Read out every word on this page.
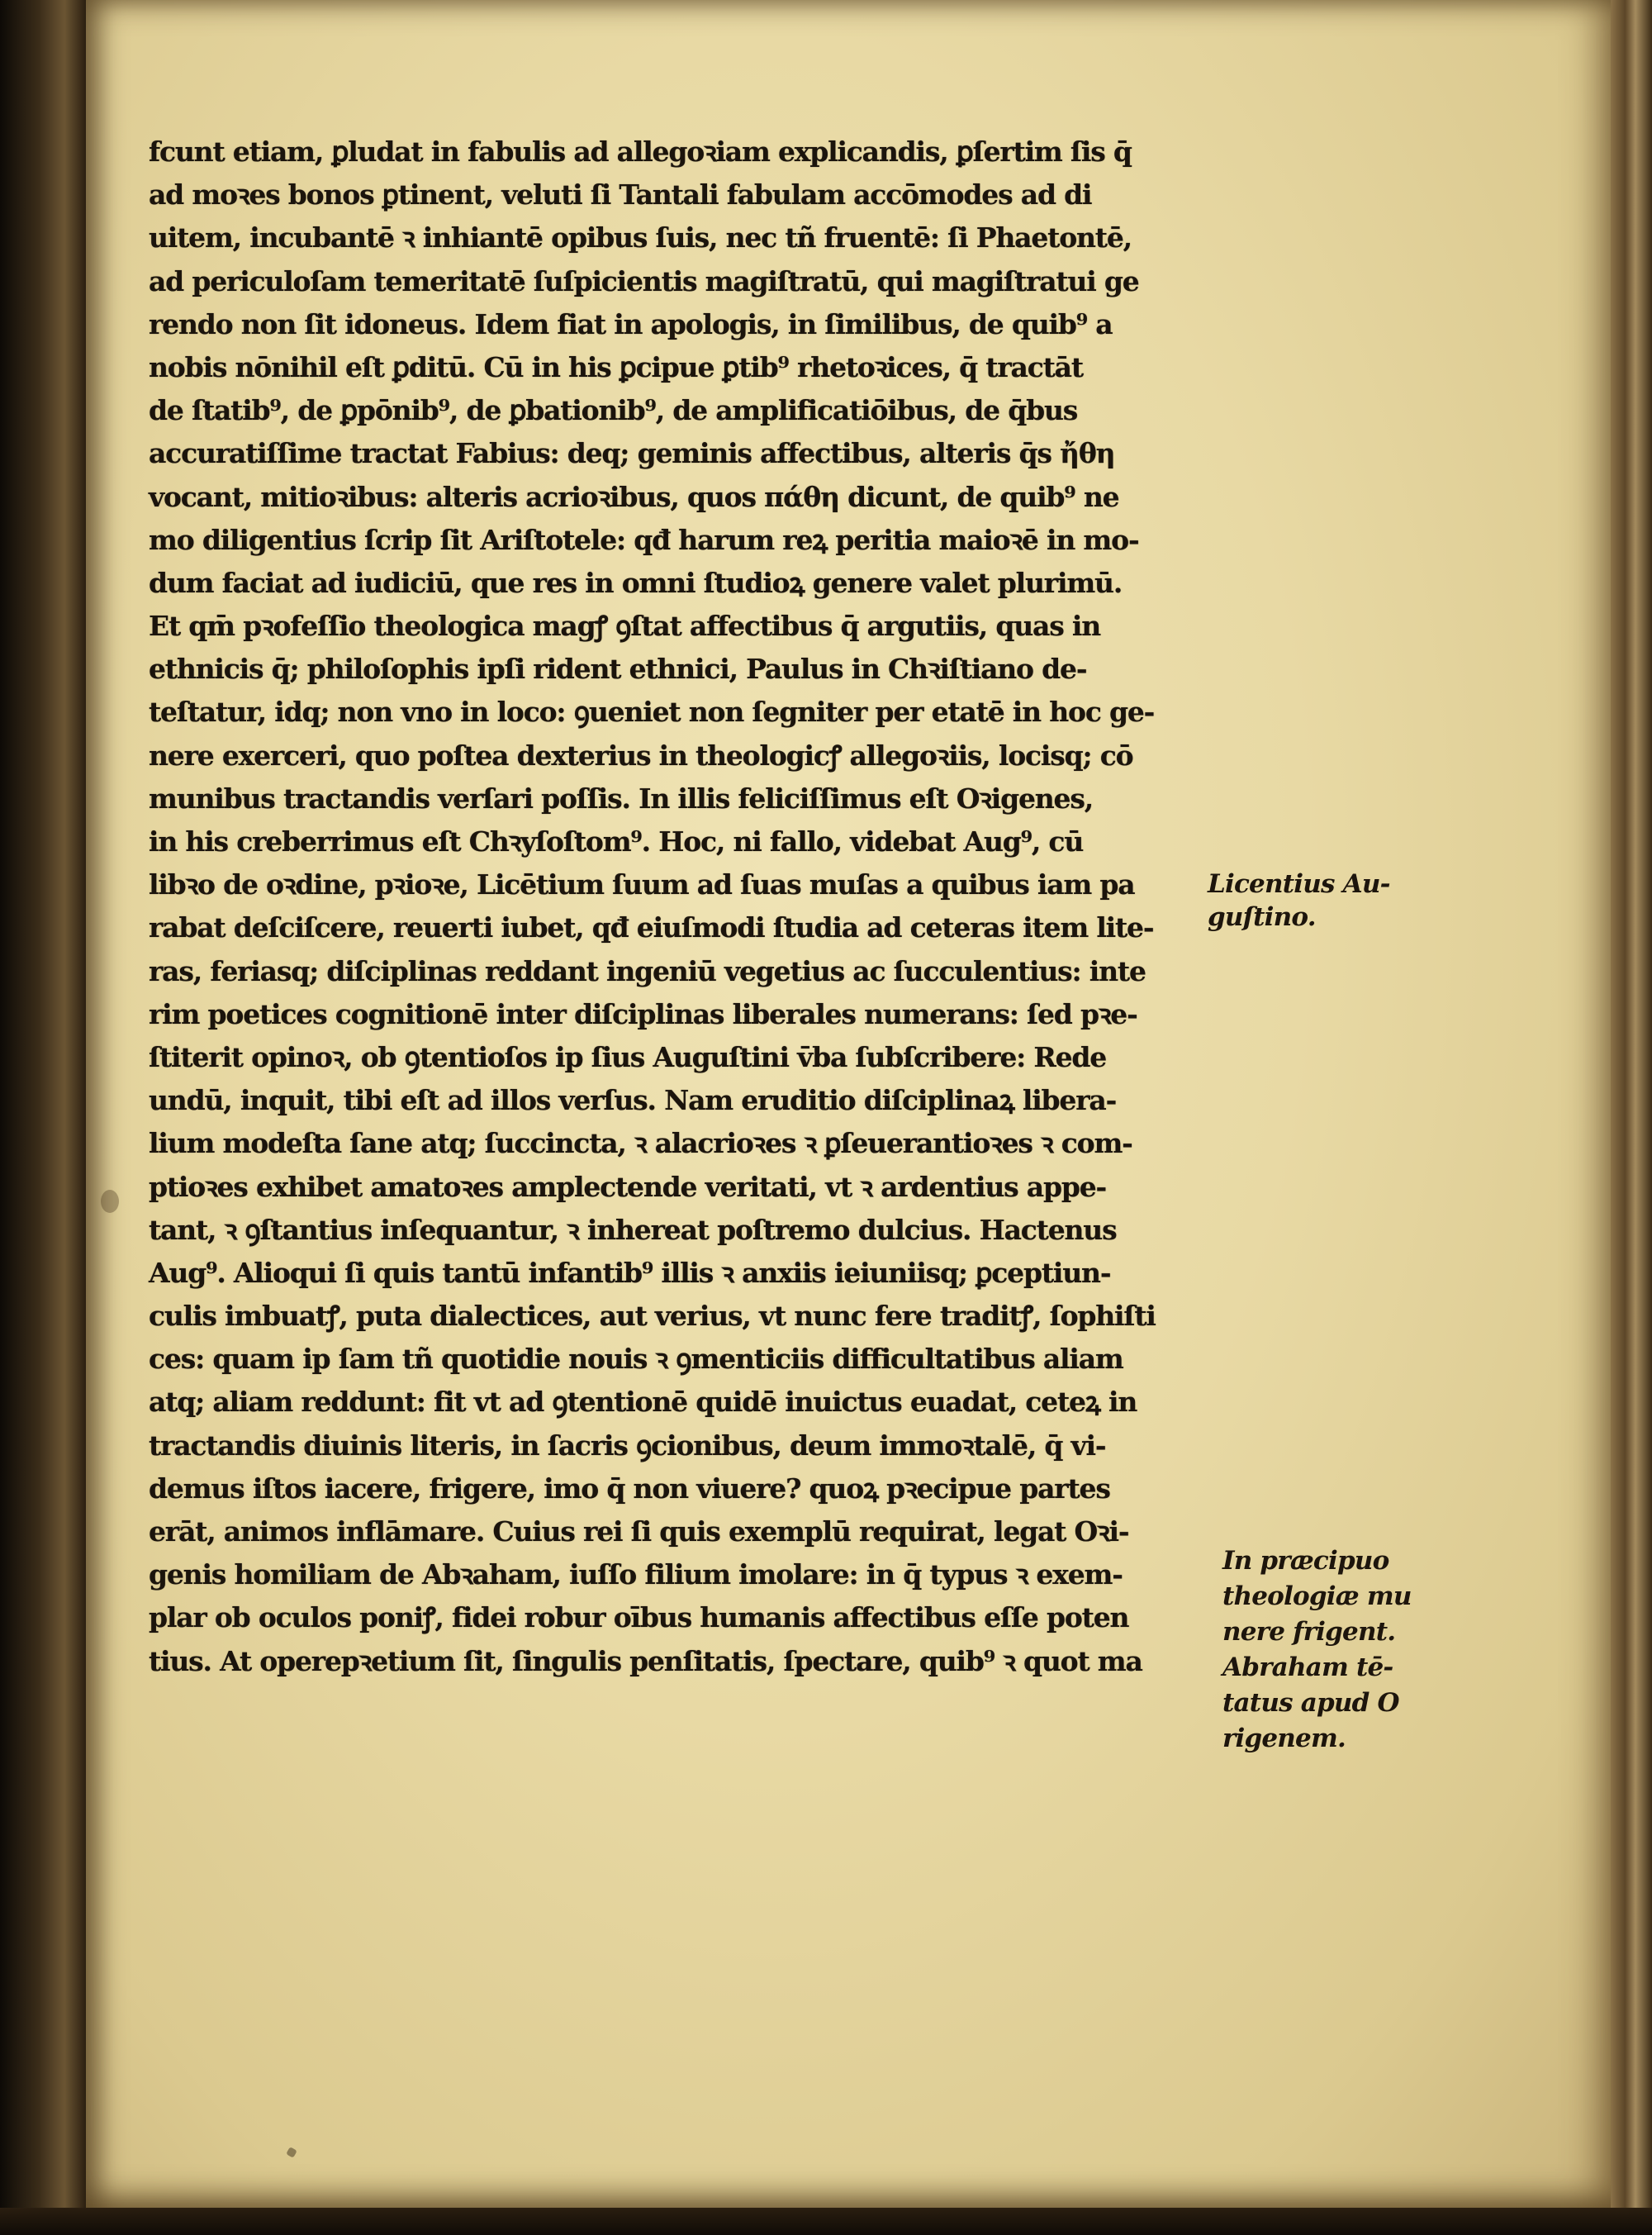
fcunt etiam, ꝑludat in fabulis ad allegoꝛiam explicandis, ꝑſertim ſis q̄
ad moꝛes bonos ꝑtinent, veluti ſi Tantali fabulam accōmodes ad di
uitem, incubantē ꝛ inhiantē opibus ſuis, nec tñ fruentē: ſi Phaetontē,
ad periculoſam temeritatē ſuſpicientis magiſtratū, qui magiſtratui ge
rendo non ſit idoneus. Idem fiat in apologis, in ſimilibus, de quib⁹ a
nobis nōnihil eſt ꝑditū. Cū in his ꝑcipue ꝑtib⁹ rhetoꝛices, q̄ tractāt
de ſtatib⁹, de ꝑpōnib⁹, de ꝑbationib⁹, de amplificatiōibus, de q̄bus
accuratiſſime tractat Fabius: deq; geminis affectibus, alteris q̄s ἤθη
vocant, mitioꝛibus: alteris acrioꝛibus, quos πάθη dicunt, de quib⁹ ne
mo diligentius ſcrip ſit Ariſtotele: qđ harum reꝝ peritia maioꝛē in mo-
dum faciat ad iudiciū, que res in omni ſtudioꝝ genere valet plurimū.
Et qm̄ pꝛofeſſio theologica magꝭ ꝯſtat affectibus q̄ argutiis, quas in
ethnicis q̄; philoſophis ipſi rident ethnici, Paulus in Chꝛiſtiano de-
teſtatur, idq; non vno in loco: ꝯueniet non ſegniter per etatē in hoc ge-
nere exerceri, quo poſtea dexterius in theologicꝭ allegoꝛiis, locisq; cō
munibus tractandis verſari poſſis. In illis feliciſſimus eſt Oꝛigenes,
in his creberrimus eſt Chꝛyſoſtom⁹. Hoc, ni fallo, videbat Aug⁹, cū
libꝛo de oꝛdine, pꝛioꝛe, Licētium ſuum ad ſuas muſas a quibus iam pa
rabat deſciſcere, reuerti iubet, qđ eiuſmodi ſtudia ad ceteras item lite-
ras, feriasq; diſciplinas reddant ingeniū vegetius ac ſucculentius: inte
rim poetices cognitionē inter diſciplinas liberales numerans: ſed pꝛe-
ſtiterit opinoꝛ, ob ꝯtentioſos ip ſius Auguſtini v̄ba ſubſcribere: Rede
undū, inquit, tibi eſt ad illos verſus. Nam eruditio diſciplinaꝝ libera-
lium modeſta ſane atq; ſuccincta, ꝛ alacrioꝛes ꝛ ꝑſeuerantioꝛes ꝛ com-
ptioꝛes exhibet amatoꝛes amplectende veritati, vt ꝛ ardentius appe-
tant, ꝛ ꝯſtantius inſequantur, ꝛ inhereat poſtremo dulcius. Hactenus
Aug⁹. Alioqui ſi quis tantū infantib⁹ illis ꝛ anxiis ieiuniisq; ꝑceptiun-
culis imbuatꝭ, puta dialectices, aut verius, vt nunc fere traditꝭ, ſophiſti
ces: quam ip ſam tñ quotidie nouis ꝛ ꝯmenticiis difficultatibus aliam
atq; aliam reddunt: fit vt ad ꝯtentionē quidē inuictus euadat, ceteꝝ in
tractandis diuinis literis, in ſacris ꝯcionibus, deum immoꝛtalē, q̄ vi-
demus iſtos iacere, frigere, imo q̄ non viuere? quoꝝ pꝛecipue partes
erāt, animos inflāmare. Cuius rei ſi quis exemplū requirat, legat Oꝛi-
genis homiliam de Abꝛaham, iuſſo filium imolare: in q̄ typus ꝛ exem-
plar ob oculos poniꝭ, fidei robur oībus humanis affectibus eſſe poten
tius. At operepꝛetium ſit, ſingulis penſitatis, ſpectare, quib⁹ ꝛ quot ma
Licentius Au-
guſtino.
In præcipuo
theologiæ mu
nere frigent.
Abraham tē-
tatus apud O
rigenem.
